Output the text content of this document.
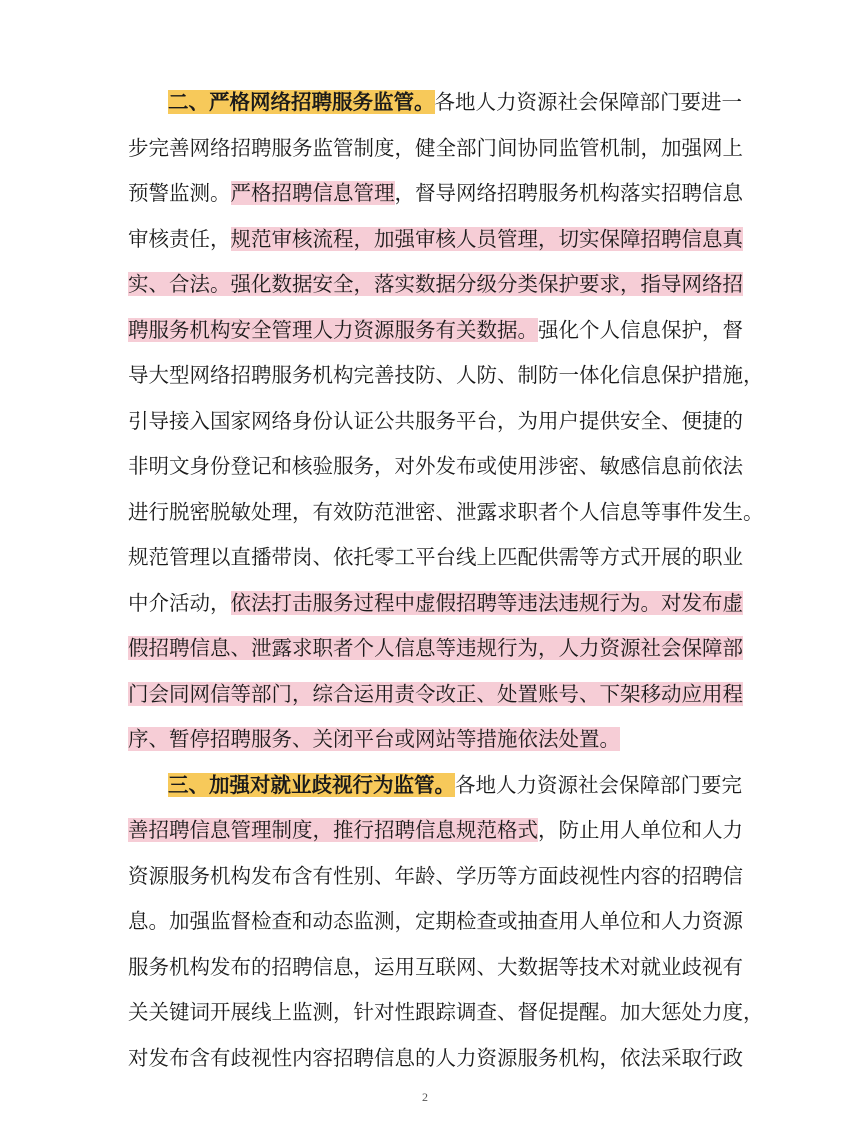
二、严格网络招聘服务监管。各地人力资源社会保障部门要进一
步完善网络招聘服务监管制度，健全部门间协同监管机制，加强网上
预警监测。严格招聘信息管理，督导网络招聘服务机构落实招聘信息
审核责任，规范审核流程，加强审核人员管理，切实保障招聘信息真
实、合法。强化数据安全，落实数据分级分类保护要求，指导网络招
聘服务机构安全管理人力资源服务有关数据。强化个人信息保护，督
导大型网络招聘服务机构完善技防、人防、制防一体化信息保护措施，
引导接入国家网络身份认证公共服务平台，为用户提供安全、便捷的
非明文身份登记和核验服务，对外发布或使用涉密、敏感信息前依法
进行脱密脱敏处理，有效防范泄密、泄露求职者个人信息等事件发生。
规范管理以直播带岗、依托零工平台线上匹配供需等方式开展的职业
中介活动，依法打击服务过程中虚假招聘等违法违规行为。对发布虚
假招聘信息、泄露求职者个人信息等违规行为，人力资源社会保障部
门会同网信等部门，综合运用责令改正、处置账号、下架移动应用程
序、暂停招聘服务、关闭平台或网站等措施依法处置。
三、加强对就业歧视行为监管。各地人力资源社会保障部门要完
善招聘信息管理制度，推行招聘信息规范格式，防止用人单位和人力
资源服务机构发布含有性别、年龄、学历等方面歧视性内容的招聘信
息。加强监督检查和动态监测，定期检查或抽查用人单位和人力资源
服务机构发布的招聘信息，运用互联网、大数据等技术对就业歧视有
关关键词开展线上监测，针对性跟踪调查、督促提醒。加大惩处力度，
对发布含有歧视性内容招聘信息的人力资源服务机构，依法采取行政
2
